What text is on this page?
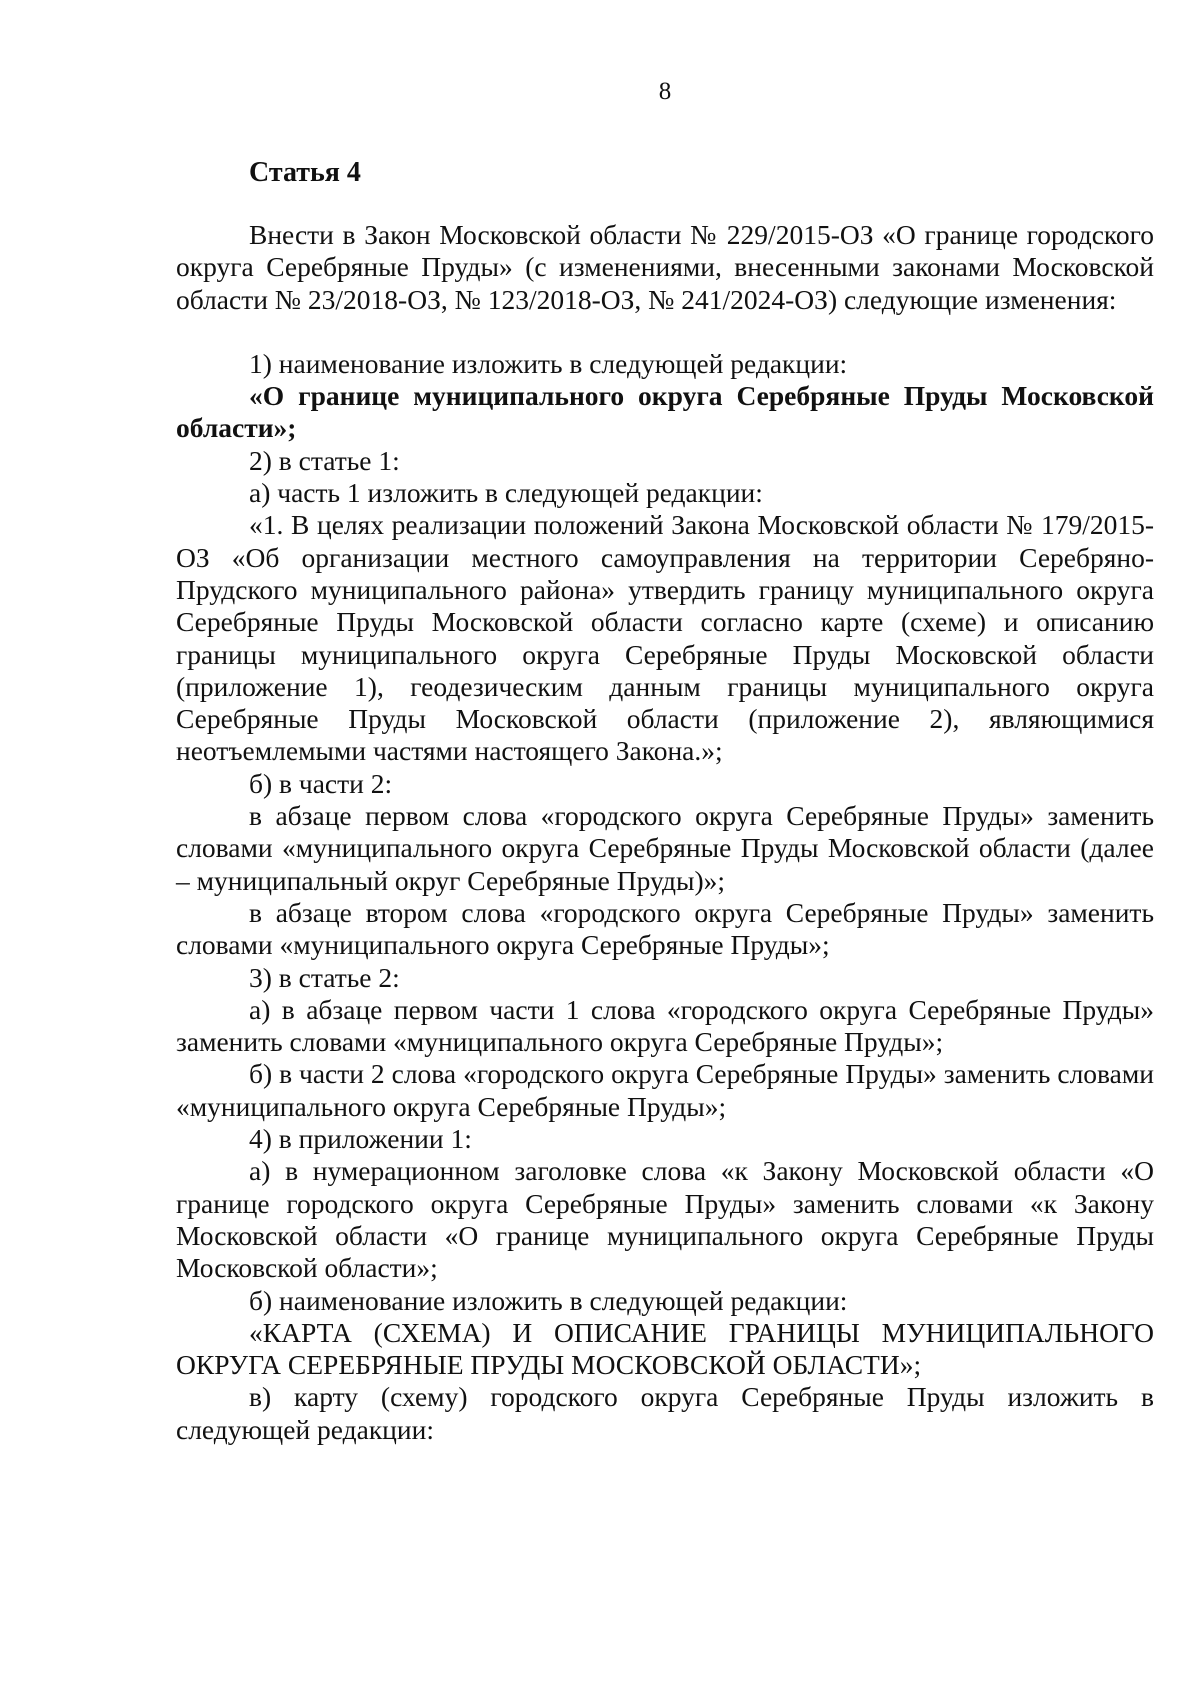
8
Статья 4

Внести в Закон Московской области № 229/2015-ОЗ «О границе городского округа Серебряные Пруды» (с изменениями, внесенными законами Московской области № 23/2018-ОЗ, № 123/2018-ОЗ, № 241/2024-ОЗ) следующие изменения:

1) наименование изложить в следующей редакции:

«О границе муниципального округа Серебряные Пруды Московской области»;

2) в статье 1:

а) часть 1 изложить в следующей редакции:

«1. В целях реализации положений Закона Московской области № 179/2015-ОЗ «Об организации местного самоуправления на территории Серебряно-Прудского муниципального района» утвердить границу муниципального округа Серебряные Пруды Московской области согласно карте (схеме) и описанию границы муниципального округа Серебряные Пруды Московской области (приложение 1), геодезическим данным границы муниципального округа Серебряные Пруды Московской области (приложение 2), являющимися неотъемлемыми частями настоящего Закона.»;

б) в части 2:

в абзаце первом слова «городского округа Серебряные Пруды» заменить словами «муниципального округа Серебряные Пруды Московской области (далее – муниципальный округ Серебряные Пруды)»;

в абзаце втором слова «городского округа Серебряные Пруды» заменить словами «муниципального округа Серебряные Пруды»;

3) в статье 2:

а) в абзаце первом части 1 слова «городского округа Серебряные Пруды» заменить словами «муниципального округа Серебряные Пруды»;

б) в части 2 слова «городского округа Серебряные Пруды» заменить словами «муниципального округа Серебряные Пруды»;

4) в приложении 1:

а) в нумерационном заголовке слова «к Закону Московской области «О границе городского округа Серебряные Пруды» заменить словами «к Закону Московской области «О границе муниципального округа Серебряные Пруды Московской области»;

б) наименование изложить в следующей редакции:

«КАРТА (СХЕМА) И ОПИСАНИЕ ГРАНИЦЫ МУНИЦИПАЛЬНОГО ОКРУГА СЕРЕБРЯНЫЕ ПРУДЫ МОСКОВСКОЙ ОБЛАСТИ»;

в) карту (схему) городского округа Серебряные Пруды изложить в следующей редакции:
